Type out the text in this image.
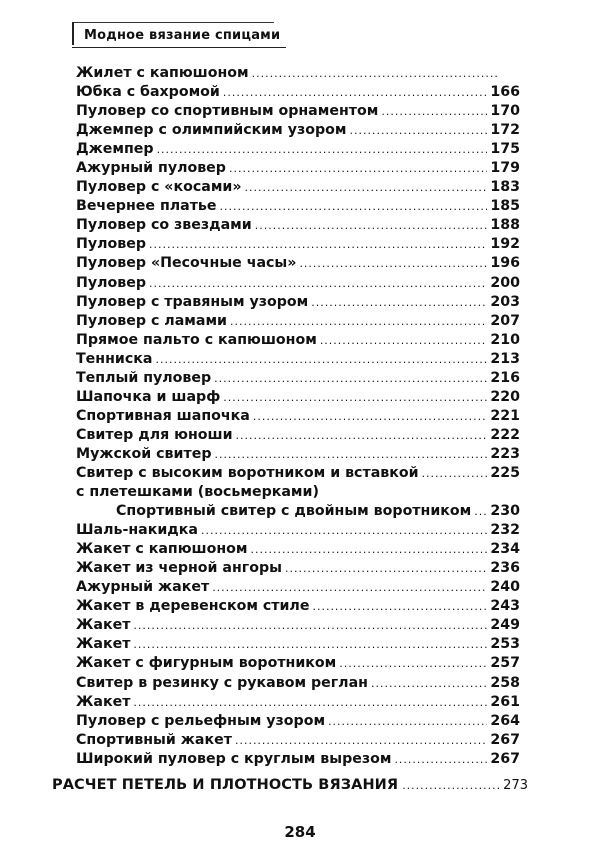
Модное вязание спицами
Жилет с капюшоном
.....
Юбка с бахромой .....	166
Пуловер со спортивным орнаментом .....	170
Джемпер с олимпийским узором .....	172
Джемпер .....	175
Ажурный пуловер .....	179
Пуловер с «косами» .....	183
Вечернее платье .....	185
Пуловер со звездами .....	188
Пуловер .....	192
Пуловер «Песочные часы» .....	196
Пуловер .....	200
Пуловер с травяным узором .....	203
Пуловер с ламами .....	207
Прямое пальто с капюшоном .....	210
Тенниска .....	213
Теплый пуловер .....	216
Шапочка и шарф .....	220
Спортивная шапочка .....	221
Свитер для юноши .....	222
Мужской свитер .....	223
Свитер с высоким воротником и вставкой .....	225
с плетешками (восьмерками)
Спортивный свитер с двойным воротником ..... 230
Шаль-накидка .....	232
Жакет с капюшоном .....	234
Жакет из черной ангоры .....	236
Ажурный жакет .....	240
Жакет в деревенском стиле .....	243
Жакет .....	249
Жакет .....	253
Жакет с фигурным воротником .....	257
Свитер в резинку с рукавом реглан .....	258
Жакет .....	261
Пуловер с рельефным узором .....	264
Спортивный жакет .....	267
Широкий пуловер с круглым вырезом .....	267
РАСЧЕТ ПЕТЕЛЬ И ПЛОТНОСТЬ ВЯЗАНИЯ .....	273
284
